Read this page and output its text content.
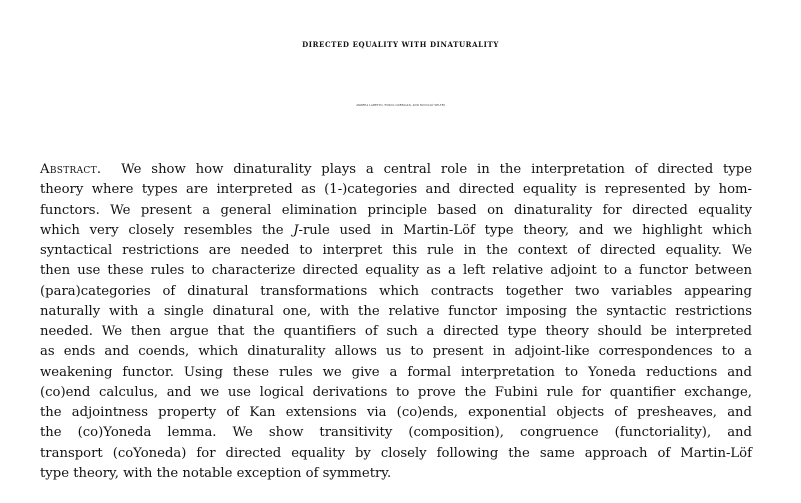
DIRECTED EQUALITY WITH DINATURALITY
ANDREA LARETTO, FOSCO LOREGIAN, AND NICCOLÒ VELTRI
Abstract. We show how dinaturality plays a central role in the interpretation of directed type
theory where types are interpreted as (1-)categories and directed equality is represented by hom-
functors. We present a general elimination principle based on dinaturality for directed equality
which very closely resembles the J-rule used in Martin-Löf type theory, and we highlight which
syntactical restrictions are needed to interpret this rule in the context of directed equality. We
then use these rules to characterize directed equality as a left relative adjoint to a functor between
(para)categories of dinatural transformations which contracts together two variables appearing
naturally with a single dinatural one, with the relative functor imposing the syntactic restrictions
needed. We then argue that the quantifiers of such a directed type theory should be interpreted
as ends and coends, which dinaturality allows us to present in adjoint-like correspondences to a
weakening functor. Using these rules we give a formal interpretation to Yoneda reductions and
(co)end calculus, and we use logical derivations to prove the Fubini rule for quantifier exchange,
the adjointness property of Kan extensions via (co)ends, exponential objects of presheaves, and
the (co)Yoneda lemma. We show transitivity (composition), congruence (functoriality), and
transport (coYoneda) for directed equality by closely following the same approach of Martin-Löf
type theory, with the notable exception of symmetry.
